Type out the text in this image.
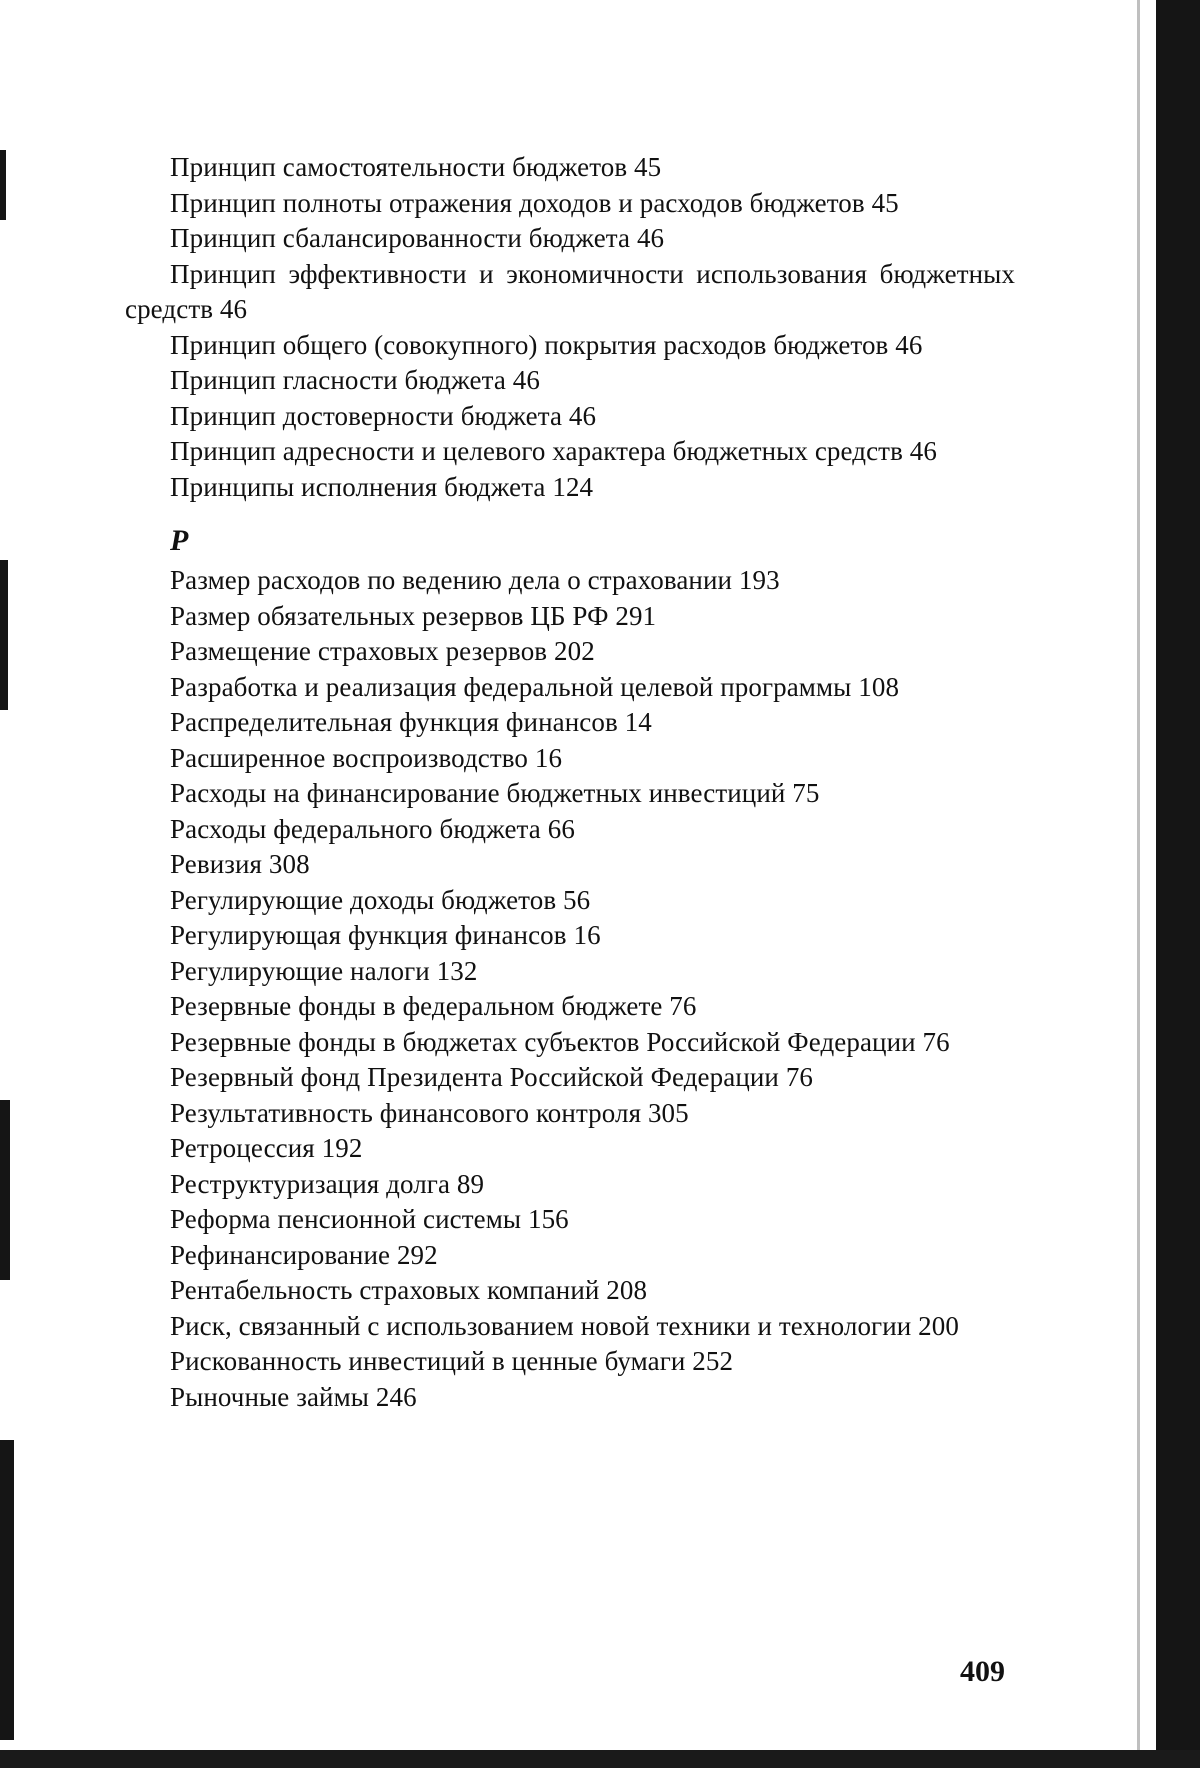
Принцип самостоятельности бюджетов 45

Принцип полноты отражения доходов и расходов бюджетов 45

Принцип сбалансированности бюджета 46

Принцип эффективности и экономичности использования бюджетных средств 46

Принцип общего (совокупного) покрытия расходов бюджетов 46

Принцип гласности бюджета 46

Принцип достоверности бюджета 46

Принцип адресности и целевого характера бюджетных средств 46

Принципы исполнения бюджета 124

Р

Размер расходов по ведению дела о страховании 193

Размер обязательных резервов ЦБ РФ 291

Размещение страховых резервов 202

Разработка и реализация федеральной целевой программы 108

Распределительная функция финансов 14

Расширенное воспроизводство 16

Расходы на финансирование бюджетных инвестиций 75

Расходы федерального бюджета 66

Ревизия 308

Регулирующие доходы бюджетов 56

Регулирующая функция финансов 16

Регулирующие налоги 132

Резервные фонды в федеральном бюджете 76

Резервные фонды в бюджетах субъектов Российской Федерации 76

Резервный фонд Президента Российской Федерации 76

Результативность финансового контроля 305

Ретроцессия 192

Реструктуризация долга 89

Реформа пенсионной системы 156

Рефинансирование 292

Рентабельность страховых компаний 208

Риск, связанный с использованием новой техники и технологии 200

Рискованность инвестиций в ценные бумаги 252

Рыночные займы 246

409
